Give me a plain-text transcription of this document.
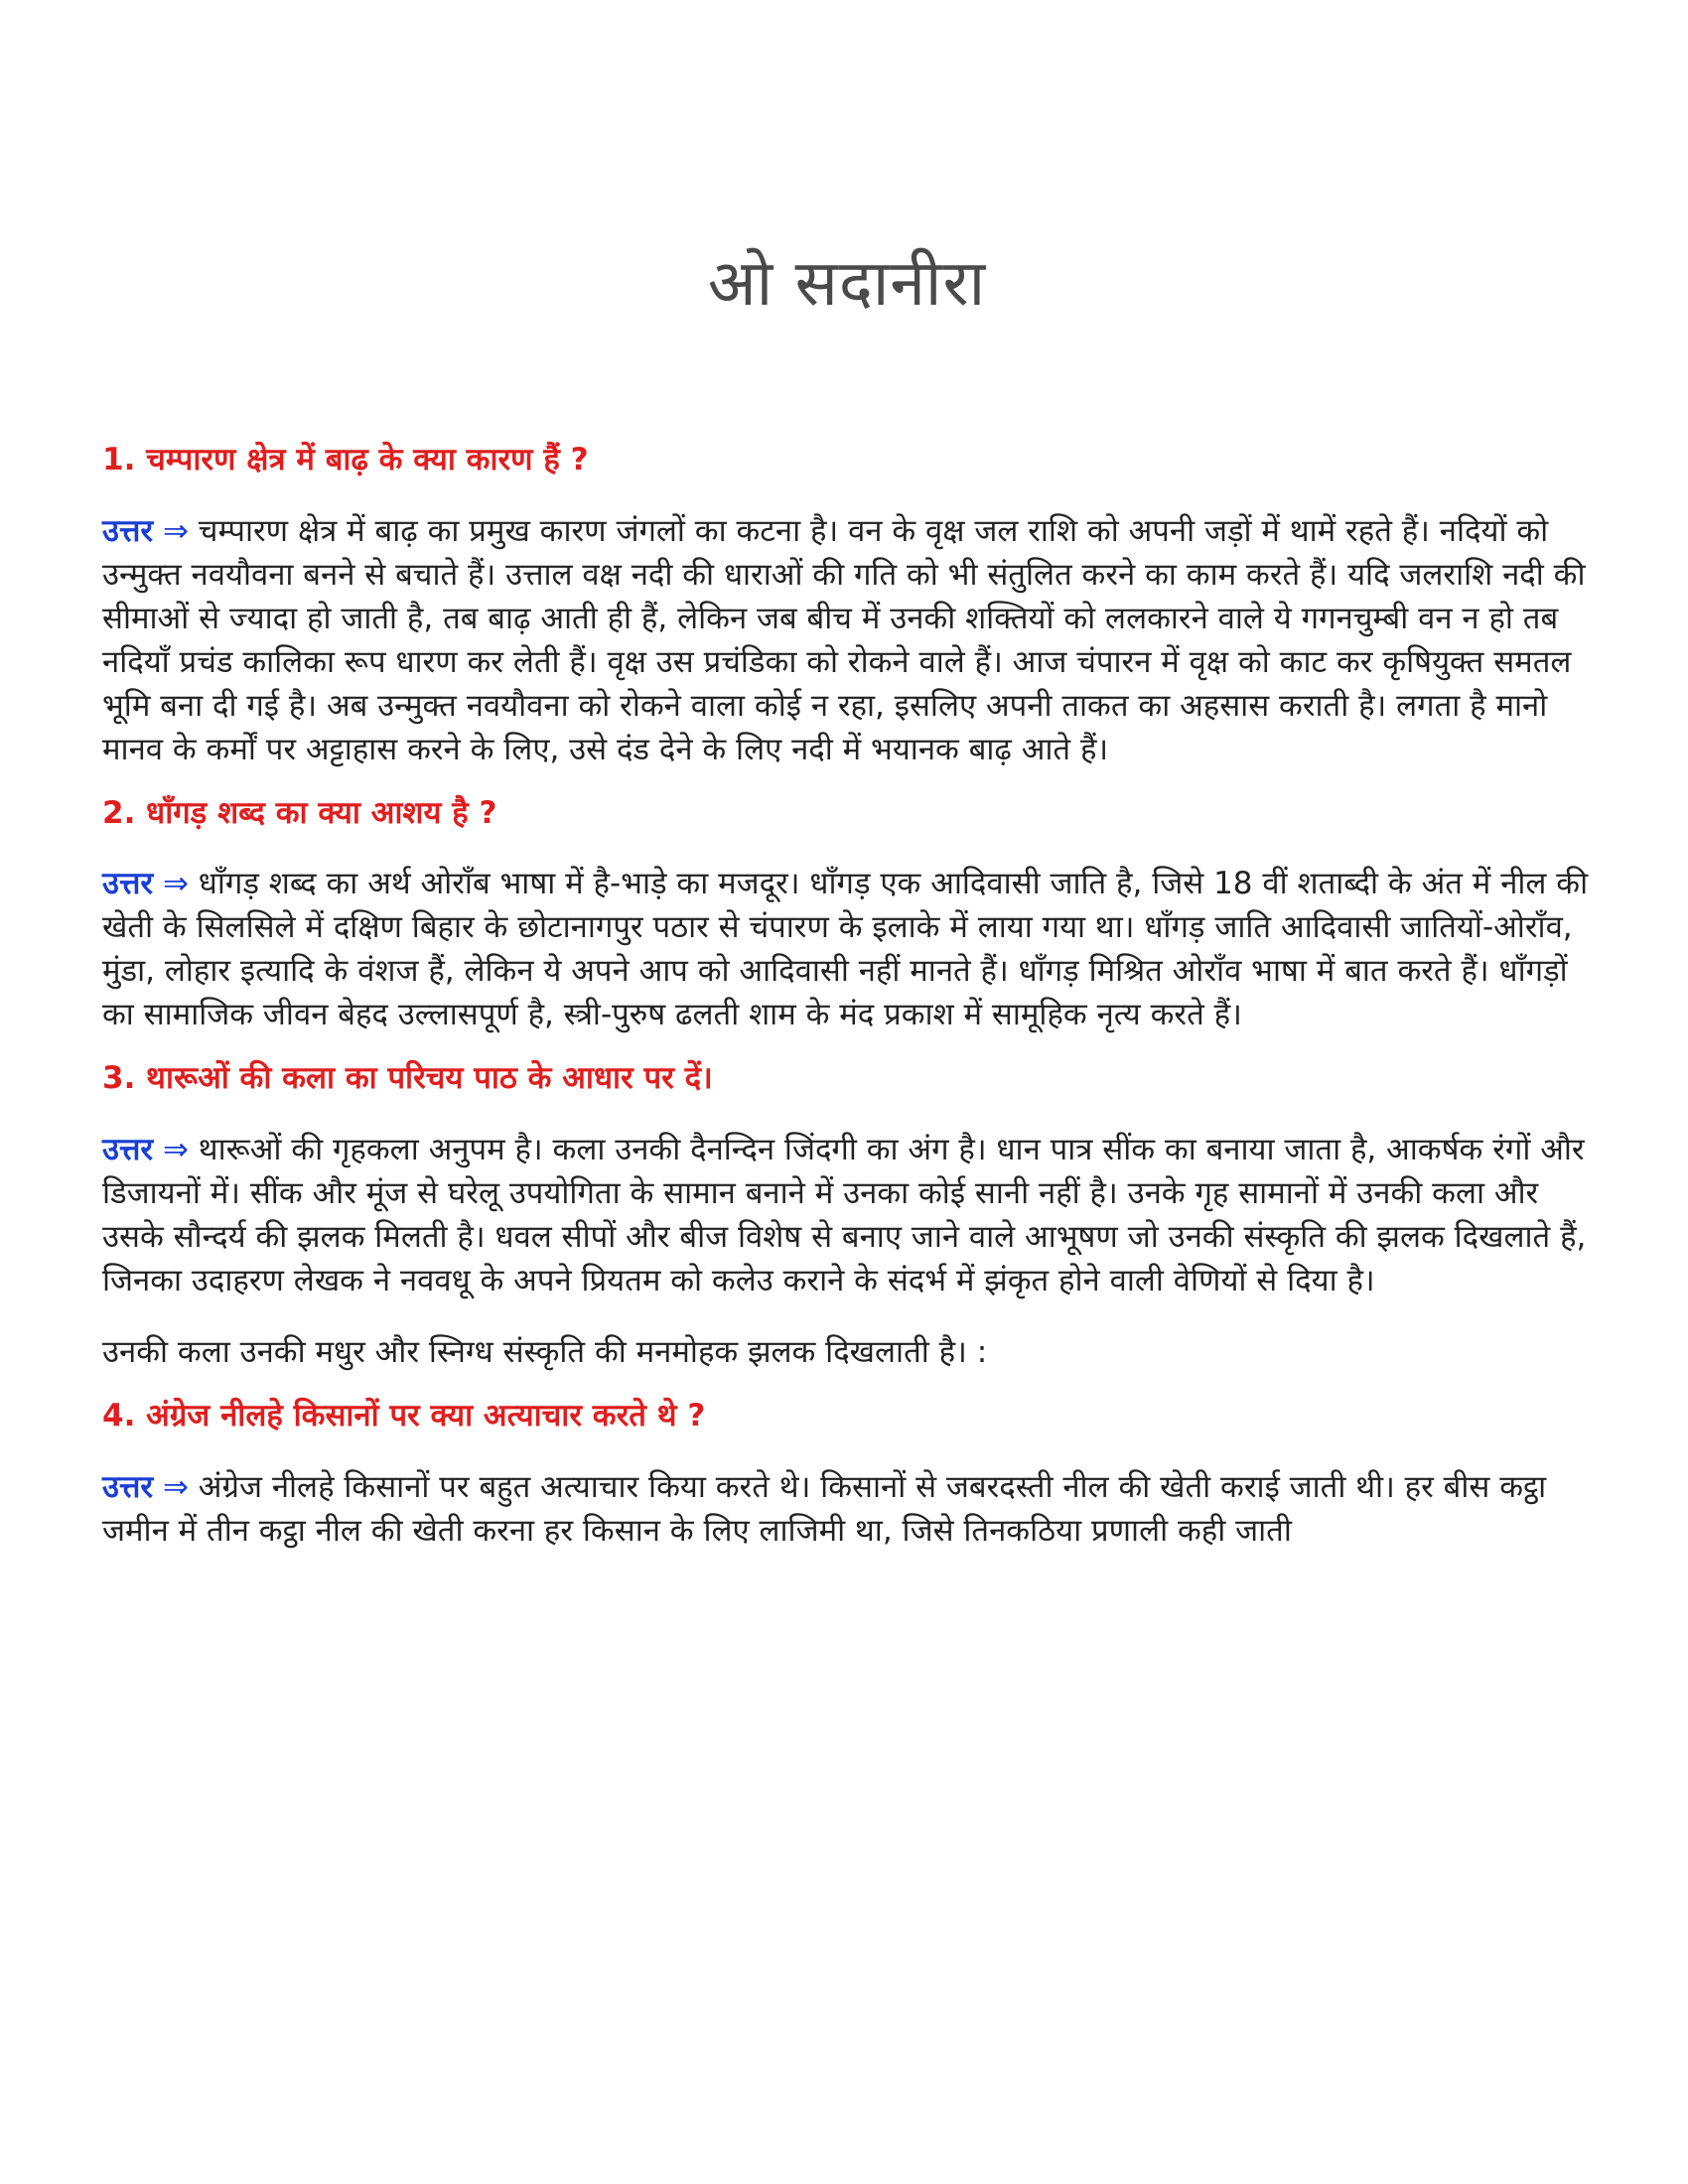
ओ सदानीरा

1. चम्पारण क्षेत्र में बाढ़ के क्या कारण हैं ?

उत्तर ⇒ चम्पारण क्षेत्र में बाढ़ का प्रमुख कारण जंगलों का कटना है। वन के वृक्ष जल राशि को अपनी जड़ों में थामें रहते हैं। नदियों को उन्मुक्त नवयौवना बनने से बचाते हैं। उत्ताल वक्ष नदी की धाराओं की गति को भी संतुलित करने का काम करते हैं। यदि जलराशि नदी की सीमाओं से ज्यादा हो जाती है, तब बाढ़ आती ही हैं, लेकिन जब बीच में उनकी शक्तियों को ललकारने वाले ये गगनचुम्बी वन न हो तब नदियाँ प्रचंड कालिका रूप धारण कर लेती हैं। वृक्ष उस प्रचंडिका को रोकने वाले हैं। आज चंपारन में वृक्ष को काट कर कृषियुक्त समतल भूमि बना दी गई है। अब उन्मुक्त नवयौवना को रोकने वाला कोई न रहा, इसलिए अपनी ताकत का अहसास कराती है। लगता है मानो मानव के कर्मों पर अट्टाहास करने के लिए, उसे दंड देने के लिए नदी में भयानक बाढ़ आते हैं।

2. धाँगड़ शब्द का क्या आशय है ?

उत्तर ⇒ धाँगड़ शब्द का अर्थ ओराँब भाषा में है-भाड़े का मजदूर। धाँगड़ एक आदिवासी जाति है, जिसे 18 वीं शताब्दी के अंत में नील की खेती के सिलसिले में दक्षिण बिहार के छोटानागपुर पठार से चंपारण के इलाके में लाया गया था। धाँगड़ जाति आदिवासी जातियों-ओराँव, मुंडा, लोहार इत्यादि के वंशज हैं, लेकिन ये अपने आप को आदिवासी नहीं मानते हैं। धाँगड़ मिश्रित ओराँव भाषा में बात करते हैं। धाँगड़ों का सामाजिक जीवन बेहद उल्लासपूर्ण है, स्त्री-पुरुष ढलती शाम के मंद प्रकाश में सामूहिक नृत्य करते हैं।

3. थारूओं की कला का परिचय पाठ के आधार पर दें।

उत्तर ⇒ थारूओं की गृहकला अनुपम है। कला उनकी दैनन्दिन जिंदगी का अंग है। धान पात्र सींक का बनाया जाता है, आकर्षक रंगों और डिजायनों में। सींक और मूंज से घरेलू उपयोगिता के सामान बनाने में उनका कोई सानी नहीं है। उनके गृह सामानों में उनकी कला और उसके सौन्दर्य की झलक मिलती है। धवल सीपों और बीज विशेष से बनाए जाने वाले आभूषण जो उनकी संस्कृति की झलक दिखलाते हैं, जिनका उदाहरण लेखक ने नववधू के अपने प्रियतम को कलेउ कराने के संदर्भ में झंकृत होने वाली वेणियों से दिया है।

उनकी कला उनकी मधुर और स्निग्ध संस्कृति की मनमोहक झलक दिखलाती है। :

4. अंग्रेज नीलहे किसानों पर क्या अत्याचार करते थे ?

उत्तर ⇒ अंग्रेज नीलहे किसानों पर बहुत अत्याचार किया करते थे। किसानों से जबरदस्ती नील की खेती कराई जाती थी। हर बीस कट्ठा जमीन में तीन कट्ठा नील की खेती करना हर किसान के लिए लाजिमी था, जिसे तिनकठिया प्रणाली कही जाती
